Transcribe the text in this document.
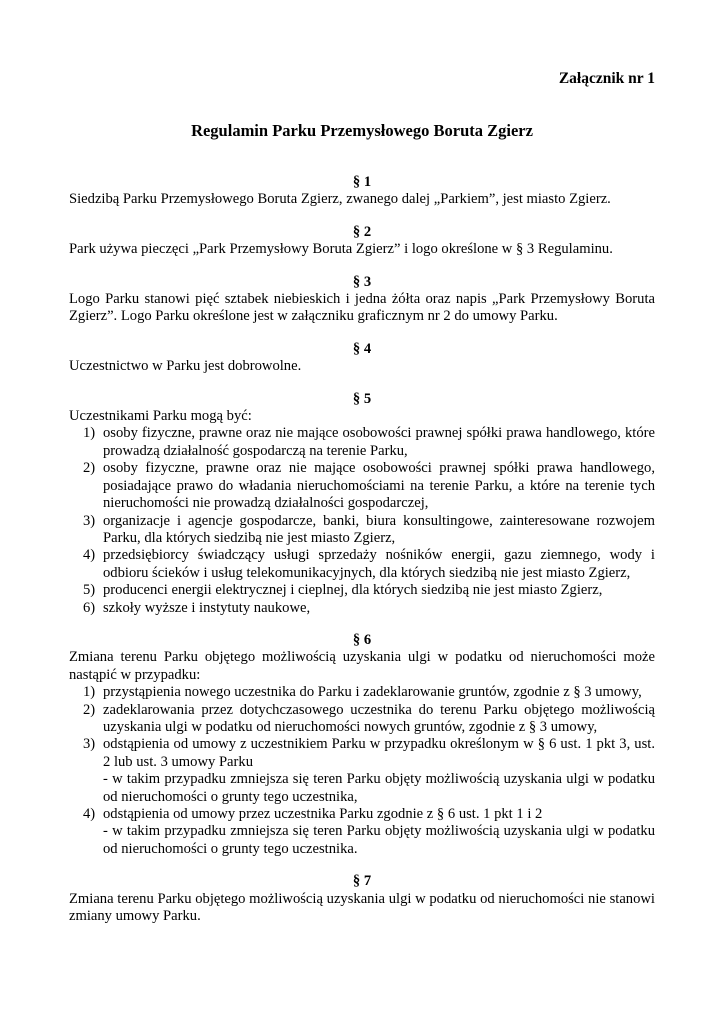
Załącznik nr 1
Regulamin Parku Przemysłowego Boruta Zgierz

§ 1

Siedzibą Parku Przemysłowego Boruta Zgierz, zwanego dalej „Parkiem”, jest miasto Zgierz.

§ 2

Park używa pieczęci „Park Przemysłowy Boruta Zgierz” i logo określone w § 3 Regulaminu.

§ 3

Logo Parku stanowi pięć sztabek niebieskich i jedna żółta oraz napis „Park Przemysłowy Boruta Zgierz”. Logo Parku określone jest w załączniku graficznym nr 2 do umowy Parku.

§ 4

Uczestnictwo w Parku jest dobrowolne.

§ 5

Uczestnikami Parku mogą być:

1) osoby fizyczne, prawne oraz nie mające osobowości prawnej spółki prawa handlowego, które prowadzą działalność gospodarczą na terenie Parku,
2) osoby fizyczne, prawne oraz nie mające osobowości prawnej spółki prawa handlowego, posiadające prawo do władania nieruchomościami na terenie Parku, a które na terenie tych nieruchomości nie prowadzą działalności gospodarczej,
3) organizacje i agencje gospodarcze, banki, biura konsultingowe, zainteresowane rozwojem Parku, dla których siedzibą nie jest miasto Zgierz,
4) przedsiębiorcy świadczący usługi sprzedaży nośników energii, gazu ziemnego, wody i odbioru ścieków i usług telekomunikacyjnych, dla których siedzibą nie jest miasto Zgierz,
5) producenci energii elektrycznej i cieplnej, dla których siedzibą nie jest miasto Zgierz,
6) szkoły wyższe i instytuty naukowe,

§ 6

Zmiana terenu Parku objętego możliwością uzyskania ulgi w podatku od nieruchomości może nastąpić w przypadku:

1) przystąpienia nowego uczestnika do Parku i zadeklarowanie gruntów, zgodnie z § 3 umowy,
2) zadeklarowania przez dotychczasowego uczestnika do terenu Parku objętego możliwością uzyskania ulgi w podatku od nieruchomości nowych gruntów, zgodnie z § 3 umowy,
3) odstąpienia od umowy z uczestnikiem Parku w przypadku określonym w § 6 ust. 1 pkt 3, ust. 2 lub ust. 3 umowy Parku
- w takim przypadku zmniejsza się teren Parku objęty możliwością uzyskania ulgi w podatku od nieruchomości o grunty tego uczestnika,
4) odstąpienia od umowy przez uczestnika Parku zgodnie z § 6 ust. 1 pkt 1 i 2
- w takim przypadku zmniejsza się teren Parku objęty możliwością uzyskania ulgi w podatku od nieruchomości o grunty tego uczestnika.

§ 7

Zmiana terenu Parku objętego możliwością uzyskania ulgi w podatku od nieruchomości nie stanowi zmiany umowy Parku.
